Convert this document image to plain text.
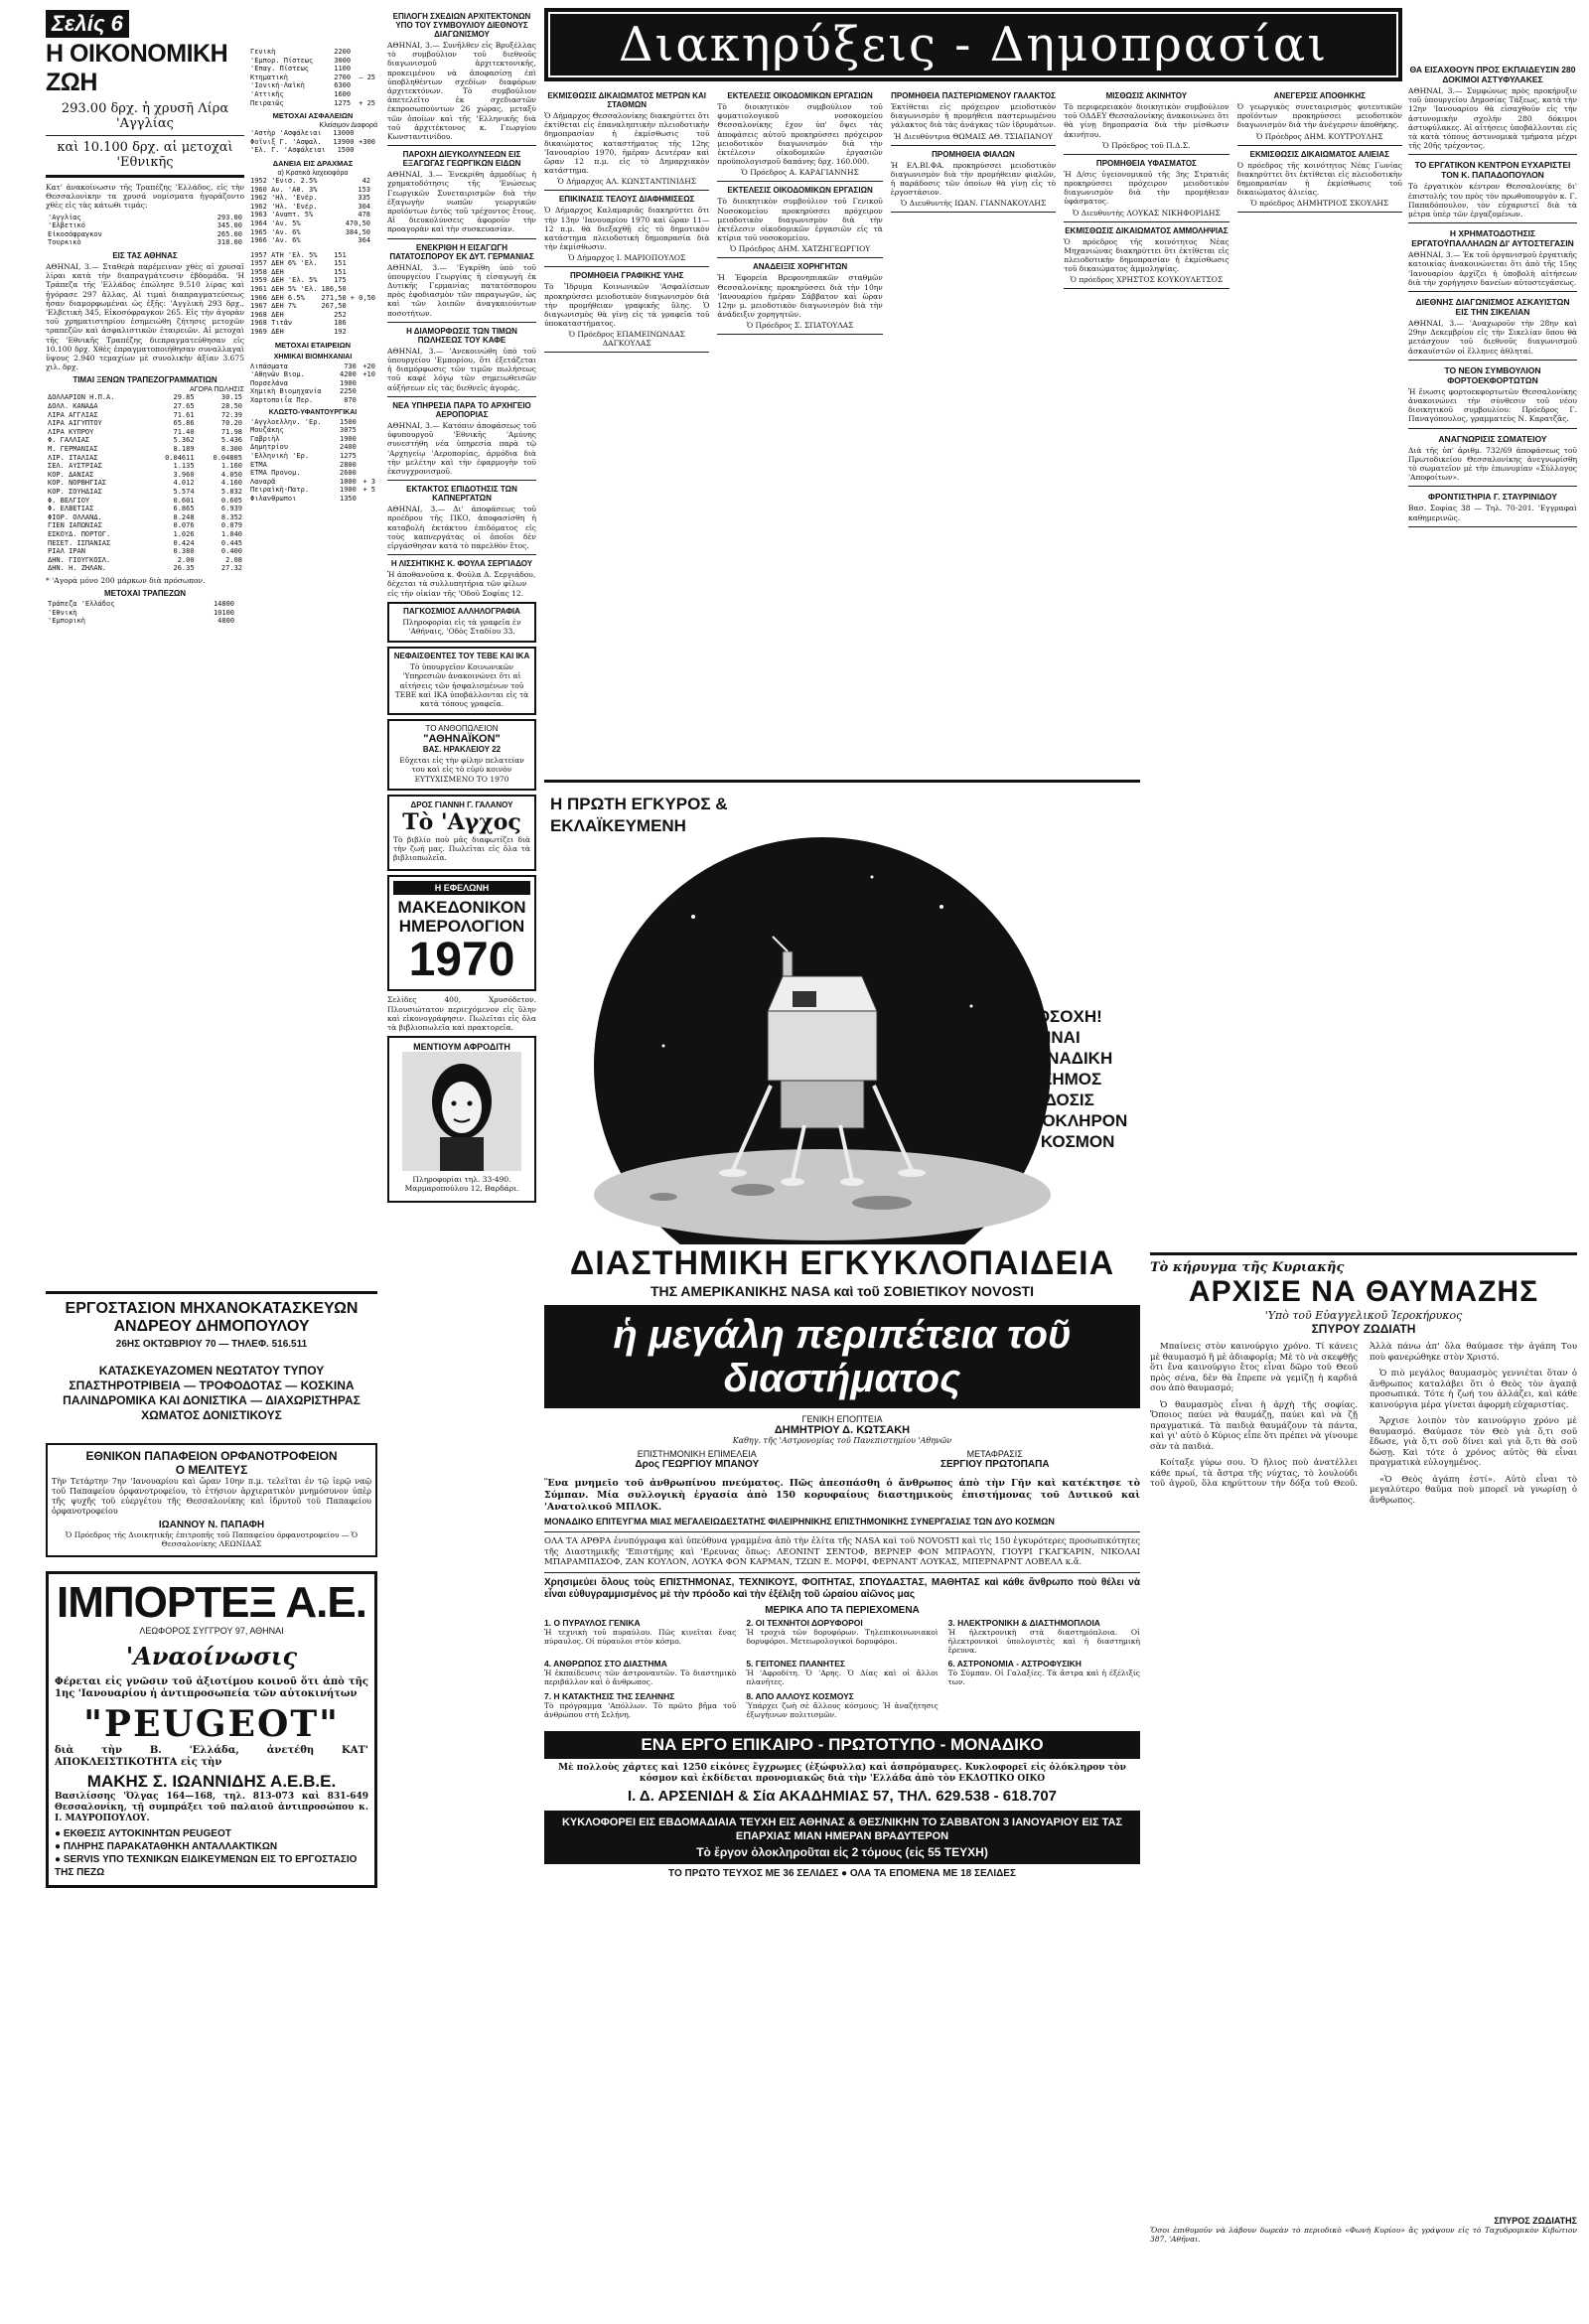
Σελίς 6
Η ΟΙΚΟΝΟΜΙΚΗ ΖΩΗ
293.00 δρχ. ἡ χρυσῆ Λίρα 'Αγγλίας
καὶ 10.100 δρχ. αἱ μετοχαὶ 'Εθνικῆς

Κατ' ἀνακοίνωσιν τῆς Τραπέζης 'Ελλάδος, εἰς τὴν Θεσσαλονίκην τα χρυσᾶ νομίσματα ἠγοράζοντο χθὲς εἰς τὰς κάτωθι τιμάς:

'Αγγλίας	293.00
'Ελβετικό	345.00
Εἰκοσόφραγκον	265.00
Τουρκικὸ	318.00
ΕΙΣ ΤΑΣ ΑΘΗΝΑΣ

ΑΘΗΝΑΙ, 3.— Σταθερὰ παρέμειναν χθὲς αἱ χρυσαῖ λίραι κατὰ τὴν διαπραγμάτευσιν ἑβδομάδα. 'Η Τράπεζα τῆς 'Ελλάδος ἐπώλησε 9.510 λίρας καὶ ἠγόρασε 297 ἄλλας. Αἱ τιμαὶ διαπραγματεύσεως ἦσαν διαμορφωμέναι ὡς ἑξῆς: 'Αγγλικὴ 293 δρχ., 'Ελβετικὴ 345, Εἰκοσόφραγκον 265. Εἰς τὴν ἀγορὰν τοῦ χρηματιστηρίου ἐσημειώθη ζήτησις μετοχῶν τραπεζῶν καὶ ἀσφαλιστικῶν ἑταιρειῶν. Αἱ μετοχαὶ τῆς 'Εθνικῆς Τραπέζης διεπραγματεύθησαν εἰς 10.100 δρχ. Χθὲς ἐπραγματοποιήθησαν συναλλαγαὶ ὕψους 2.940 τεμαχίων μὲ συνολικὴν ἀξίαν 3.675 χιλ. δρχ.

ΤΙΜΑΙ ΞΕΝΩΝ ΤΡΑΠΕΖΟΓΡΑΜΜΑΤΙΩΝ
ΑΓΟΡΑ ΠΩΛΗΣΙΣ
ΔΟΛΛΑΡΙΟΝ Η.Π.Α.	29.85	30.15
ΔΟΛΛ. ΚΑΝΑΔΑ	27.65	28.50
ΛΙΡΑ ΑΓΓΛΙΑΣ	71.61	72.39
ΛΙΡΑ ΑΙΓΥΠΤΟΥ	65.86	70.20
ΛΙΡΑ ΚΥΠΡΟΥ	71.40	71.98
Φ. ΓΑΛΛΙΑΣ	5.362	5.436
Μ. ΓΕΡΜΑΝΙΑΣ	8.189	8.300
ΛΙΡ. ΙΤΑΛΙΑΣ	0.04611	0.04805
ΣΕΛ. ΑΥΣΤΡΙΑΣ	1.135	1.160
ΚΟΡ. ΔΑΝΙΑΣ	3.960	4.050
ΚΟΡ. ΝΟΡΒΗΓΙΑΣ	4.012	4.160
ΚΟΡ. ΣΟΥΗΔΙΑΣ	5.574	5.832
Φ. ΒΕΛΓΙΟΥ	0.601	0.605
Φ. ΕΛΒΕΤΙΑΣ	6.865	6.939
ΦΙΟΡ. ΟΛΛΑΝΔ.	8.248	8.352
ΓΙΕΝ ΙΑΠΩΝΙΑΣ	0.076	0.079
ΕΣΚΟΥΔ. ΠΟΡΤΟΓ.	1.026	1.040
ΠΕΣΕΤ. ΙΣΠΑΝΙΑΣ	0.424	0.445
ΡΙΑΛ ΙΡΑΝ	0.380	0.400
ΔΗΝ. ΓΙΟΥΓΚΟΣΛ.	2.00	2.08
ΔΗΝ. Η. ΖΗΛΑΝ.	26.35	27.32

* 'Αγορὰ μόνο 200 μάρκων διὰ πρόσωπον.

ΜΕΤΟΧΑΙ ΤΡΑΠΕΖΩΝ
Τράπεζα 'Ελλάδος	14800	
'Εθνικὴ	10100	
'Εμπορικὴ	4800	
Γενικὴ	2200	
'Εμπορ. Πίστεως	3000	
'Επαγ. Πίστεως	1100	
Κτηματικὴ	2700	— 25
'Ιονική-Λαϊκὴ	6300	
'Αττικῆς	1600	
Πειραιῶς	1275	+ 25
ΜΕΤΟΧΑΙ ΑΣΦΑΛΕΙΩΝ
Κλείσιμον Διαφορά
'Αστὴρ 'Ασφάλειαι	13000	
Φοῖνιξ Γ. 'Ασφαλ.	13900	+300
'Ελ. Γ. 'Ασφάλειαι	1500	
ΔΑΝΕΙΑ ΕΙΣ ΔΡΑΧΜΑΣ
α) Κρατικὰ λαχειοφόρα
1952 'Ενισ. 2.5%	42	
1960 Αν. 'Αθ. 3%	153	
1962 'Ηλ. 'Ενέρ.	335	
1962 'Ηλ. 'Ενέρ.	304	
1963 'Αναπτ. 5%	478	
1964 'Αν. 5%	470,50	
1965 'Αν. 6%	384,50	
1966 'Αν. 6%	364	
1957 ΑΤΗ 'Ελ. 5%	151	
1957 ΔΕΗ 6% 'Ελ.	151	
1958 ΔΕΗ	151	
1959 ΔΕΗ 'Ελ. 5%	175	
1961 ΔΕΗ 5% 'Ελ.	186,50	
1966 ΔΕΗ 6.5%	271,50	+ 0,50
1967 ΔΕΗ 7%	267,50	
1968 ΔΕΗ	252	
1968 Τιτᾶν	186	
1969 ΔΕΗ	192	
ΜΕΤΟΧΑΙ ΕΤΑΙΡΕΙΩΝ
ΧΗΜΙΚΑΙ ΒΙΟΜΗΧΑΝΙΑΙ
Λιπάσματα	730	+20
'Αθηνῶν Βιομ.	4200	+10
Πορσελάνα	1900	
Χημικὴ Βιομηχανία	2250	
Χαρτοποιΐα Περ.	870	
ΚΛΩΣΤΟ-ΥΦΑΝΤΟΥΡΓΙΚΑΙ
'Αγγλοελλην. 'Ερ.	1500	
Μουζάκης	3075	
Γαβριὴλ	1900	
Δημητρίου	2400	
'Ελληνικὴ 'Ερ.	1275	
ΕΤΜΑ	2800	
ΕΤΜΑ Προνομ.	2600	
Λαναρᾶ	1000	+ 3
Πειραϊκὴ-Πατρ.	1900	+ 5
Φιλανθρωποι	1350	
ΕΡΓΟΣΤΑΣΙΟΝ ΜΗΧΑΝΟΚΑΤΑΣΚΕΥΩΝ
ΑΝΔΡΕΟΥ ΔΗΜΟΠΟΥΛΟΥ
26ΗΣ ΟΚΤΩΒΡΙΟΥ 70 — ΤΗΛΕΦ. 516.511
ΚΑΤΑΣΚΕΥΑΖΟΜΕΝ ΝΕΩΤΑΤΟΥ ΤΥΠΟΥ ΣΠΑΣΤΗΡΟΤΡΙΒΕΙΑ — ΤΡΟΦΟΔΟΤΑΣ — ΚΟΣΚΙΝΑ ΠΑΛΙΝΔΡΟΜΙΚΑ ΚΑΙ ΔΟΝΙΣΤΙΚΑ — ΔΙΑΧΩΡΙΣΤΗΡΑΣ ΧΩΜΑΤΟΣ ΔΟΝΙΣΤΙΚΟΥΣ
ΕΘΝΙΚΟΝ ΠΑΠΑΦΕΙΟΝ ΟΡΦΑΝΟΤΡΟΦΕΙΟΝ
Ο ΜΕΛΙΤΕΥΣ

Τὴν Τετάρτην 7ην 'Ιανουαρίου καὶ ὥραν 10ην π.μ. τελεῖται ἐν τῷ ἱερῷ ναῷ τοῦ Παπαφείου ὀρφανοτροφείου, τὸ ἐτήσιον ἀρχιερατικὸν μνημόσυνον ὑπὲρ τῆς ψυχῆς τοῦ εὐεργέτου τῆς Θεσσαλονίκης καὶ ἱδρυτοῦ τοῦ Παπαφείου ὀρφανοτροφείου

ΙΩΑΝΝΟΥ Ν. ΠΑΠΑΦΗ

Ὁ Πρόεδρος τῆς Διοικητικῆς ἐπιτροπῆς τοῦ Παπαφείου ὀρφανοτροφείου — Ὁ Θεσσαλονίκης ΛΕΩΝΙΔΑΣ

ΙΜΠΟΡΤΕΞ Α.Ε.
ΛΕΩΦΟΡΟΣ ΣΥΓΓΡΟΥ 97, ΑΘΗΝΑΙ
'Αναοίνωσις

Φέρεται εἰς γνῶσιν τοῦ ἀξιοτίμου κοινοῦ ὅτι ἀπὸ τῆς 1ης 'Ιανουαρίου ἡ ἀντιπροσωπεία τῶν αὐτοκινήτων

"PEUGEOT"

διὰ τὴν Β. 'Ελλάδα, ἀνετέθη ΚΑΤ' ΑΠΟΚΛΕΙΣΤΙΚΟΤΗΤΑ εἰς τὴν

ΜΑΚΗΣ Σ. ΙΩΑΝΝΙΔΗΣ Α.Ε.Β.Ε.

Βασιλίσσης 'Όλγας 164—168, τηλ. 813-073 καὶ 831-649 Θεσσαλονίκη, τῇ συμπράξει τοῦ παλαιοῦ ἀντιπροσώπου κ. Ι. ΜΑΥΡΟΠΟΥΛΟΥ.

● ΕΚΘΕΣΙΣ ΑΥΤΟΚΙΝΗΤΩΝ PEUGEOT
● ΠΛΗΡΗΣ ΠΑΡΑΚΑΤΑΘΗΚΗ ΑΝΤΑΛΛΑΚΤΙΚΩΝ
● SERVIS ΥΠΟ ΤΕΧΝΙΚΩΝ ΕΙΔΙΚΕΥΜΕΝΩΝ ΕΙΣ ΤΟ ΕΡΓΟΣΤΑΣΙΟ ΤΗΣ ΠΕΖΩ
ΕΠΙΛΟΓΗ ΣΧΕΔΙΩΝ ΑΡΧΙΤΕΚΤΟΝΩΝ ΥΠΟ ΤΟΥ ΣΥΜΒΟΥΛΙΟΥ ΔΙΕΘΝΟΥΣ ΔΙΑΓΩΝΙΣΜΟΥ

ΑΘΗΝΑΙ, 3.— Συνῆλθεν εἰς Βρυξέλλας τὸ συμβούλιον τοῦ διεθνοῦς διαγωνισμοῦ ἀρχιτεκτονικῆς, προκειμένου νὰ ἀποφασίσῃ ἐπὶ ὑποβληθέντων σχεδίων διαφόρων ἀρχιτεκτόνων. Τὸ συμβούλιον ἀπετελεῖτο ἐκ σχεδιαστῶν ἐκπροσωπούντων 26 χώρας, μεταξὺ τῶν ὁποίων καὶ τῆς 'Ελληνικῆς διὰ τοῦ ἀρχιτέκτονος κ. Γεωργίου Κωνσταντινίδου.

ΠΑΡΟΧΗ ΔΙΕΥΚΟΛΥΝΣΕΩΝ ΕΙΣ ΕΞΑΓΩΓΑΣ ΓΕΩΡΓΙΚΩΝ ΕΙΔΩΝ

ΑΘΗΝΑΙ, 3.— Ἐνεκρίθη ἀρμοδίως ἡ χρηματοδότησις τῆς 'Ενώσεως Γεωργικῶν Συνεταιρισμῶν διὰ τὴν ἐξαγωγὴν νωπῶν γεωργικῶν προϊόντων ἐντὸς τοῦ τρέχοντος ἔτους. Αἱ διευκολύνσεις ἀφοροῦν τὴν προαγορὰν καὶ τὴν συσκευασίαν.

ΕΝΕΚΡΙΘΗ Η ΕΙΣΑΓΩΓΗ ΠΑΤΑΤΟΣΠΟΡΟΥ ΕΚ ΔΥΤ. ΓΕΡΜΑΝΙΑΣ

ΑΘΗΝΑΙ, 3.— 'Εγκρίθη ὑπὸ τοῦ ὑπουργείου Γεωργίας ἡ εἰσαγωγὴ ἐκ Δυτικῆς Γερμανίας πατατόσπορου πρὸς ἐφοδιασμὸν τῶν παραγωγῶν, ὡς καὶ τῶν λοιπῶν ἀναγκαιούντων ποσοτήτων.

Η ΔΙΑΜΟΡΦΩΣΙΣ ΤΩΝ ΤΙΜΩΝ ΠΩΛΗΣΕΩΣ ΤΟΥ ΚΑΦΕ

ΑΘΗΝΑΙ, 3.— 'Ανεκοινώθη ὑπὸ τοῦ ὑπουργείου 'Εμπορίου, ὅτι ἐξετάζεται ἡ διαμόρφωσις τῶν τιμῶν πωλήσεως τοῦ καφὲ λόγῳ τῶν σημειωθεισῶν αὐξήσεων εἰς τὰς διεθνεῖς ἀγοράς.

ΝΕΑ ΥΠΗΡΕΣΙΑ ΠΑΡΑ ΤΟ ΑΡΧΗΓΕΙΟ ΑΕΡΟΠΟΡΙΑΣ

ΑΘΗΝΑΙ, 3.— Κατόπιν ἀποφάσεως τοῦ ὑφυπουργοῦ 'Εθνικῆς 'Αμύνης συνεστήθη νέα ὑπηρεσία παρὰ τῷ 'Αρχηγείῳ 'Αεροπορίας, ἀρμόδια διὰ τὴν μελέτην καὶ τὴν ἐφαρμογὴν τοῦ ἐκσυγχρονισμοῦ.

ΕΚΤΑΚΤΟΣ ΕΠΙΔΟΤΗΣΙΣ ΤΩΝ ΚΑΠΝΕΡΓΑΤΩΝ

ΑΘΗΝΑΙ, 3.— Δι' ἀποφάσεως τοῦ προέδρου τῆς ΠΚΟ, ἀποφασίσθη ἡ καταβολὴ ἐκτάκτου ἐπιδόματος εἰς τοὺς καπνεργάτας οἱ ὁποῖοι δὲν εἰργάσθησαν κατὰ τὸ παρελθὸν ἔτος.

Η ΛΙΣΣΗΤΙΚΗΣ Κ. ΦΟΥΛΑ ΣΕΡΓΙΑΔΟΥ

Ἡ ἀποθανοῦσα κ. Φούλα Δ. Σεργιάδου, δέχεται τὰ συλλυπητήρια τῶν φίλων εἰς τὴν οἰκίαν τῆς 'Οδοῦ Σοφίας 12.

ΠΑΓΚΟΣΜΙΟΣ ΑΛΛΗΛΟΓΡΑΦΙΑ

Πληροφορίαι εἰς τὰ γραφεῖα ἐν 'Αθήναις, 'Οδὸς Σταδίου 33.

ΝΕΦΑΙΣΘΕΝΤΕΣ ΤΟΥ ΤΕΒΕ ΚΑΙ ΙΚΑ

Τὸ ὑπουργεῖον Κοινωνικῶν 'Υπηρεσιῶν ἀνακοινώνει ὅτι αἱ αἰτήσεις τῶν ἠσφαλισμένων τοῦ ΤΕΒΕ καὶ ΙΚΑ ὑποβάλλονται εἰς τὰ κατὰ τόπους γραφεῖα.

ΤΟ ΑΝΘΟΠΩΛΕΙΟΝ
"ΑΘΗΝΑΪΚΟΝ"
ΒΑΣ. ΗΡΑΚΛΕΙΟΥ 22

Εὔχεται εἰς τὴν φίλην πελατείαν του καὶ εἰς τὸ εὐρὺ κοινὸν ΕΥΤΥΧΙΣΜΕΝΟ ΤΟ 1970

ΔΡΟΣ ΓΙΑΝΝΗ Γ. ΓΑΛΑΝΟΥ
Τὸ 'Αγχος

Τὸ βιβλίο ποὺ μᾶς διαφωτίζει διὰ τὴν ζωή μας. Πωλεῖται εἰς ὅλα τὰ βιβλιοπωλεῖα.

Η ΕΦΕΛΩΝΗ
ΜΑΚΕΔΟΝΙΚΟΝ ΗΜΕΡΟΛΟΓΙΟΝ
1970

Σελίδες 400, Χρυσόδετον. Πλουσιώτατον περιεχόμενον εἰς ὕλην καὶ εἰκονογράφησιν. Πωλεῖται εἰς ὅλα τὰ βιβλιοπωλεῖα καὶ πρακτορεῖα.

ΜΕΝΤΙΟΥΜ ΑΦΡΟΔΙΤΗ

Πληροφορίαι τηλ. 33-490. Μαρμαροπούλου 12, Βαρδάρι.

Διακηρύξεις - Δημοπρασίαι
ΕΚΜΙΣΘΩΣΙΣ ΔΙΚΑΙΩΜΑΤΟΣ ΜΕΤΡΩΝ ΚΑΙ ΣΤΑΘΜΩΝ

Ὁ Δήμαρχος Θεσσαλονίκης διακηρύττει ὅτι ἐκτίθεται εἰς ἐπαναληπτικὴν πλειοδοτικὴν δημοπρασίαν ἡ ἐκμίσθωσις τοῦ δικαιώματος καταστήματος τῆς 12ης 'Ιανουαρίου 1970, ἡμέραν Δευτέραν καὶ ὥραν 12 π.μ. εἰς τὸ Δημαρχιακὸν κατάστημα.

Ὁ Δήμαρχος ΑΛ. ΚΩΝΣΤΑΝΤΙΝΙΔΗΣ
ΕΠΙΚΙΝΑΣΙΣ ΤΕΛΟΥΣ ΔΙΑΦΗΜΙΣΕΩΣ

Ὁ Δήμαρχος Καλαμαριᾶς διακηρύττει ὅτι τὴν 13ην 'Ιανουαρίου 1970 καὶ ὥραν 11—12 π.μ. θὰ διεξαχθῇ εἰς τὸ δημοτικὸν κατάστημα πλειοδοτικὴ δημοπρασία διὰ τὴν ἐκμίσθωσιν.

Ὁ Δήμαρχος Ι. ΜΑΡΙΟΠΟΥΛΟΣ
ΠΡΟΜΗΘΕΙΑ ΓΡΑΦΙΚΗΣ ΥΛΗΣ

Τὸ Ἴδρυμα Κοινωνικῶν 'Ασφαλίσεων προκηρύσσει μειοδοτικὸν διαγωνισμὸν διὰ τὴν προμήθειαν γραφικῆς ὕλης. Ὁ διαγωνισμὸς θὰ γίνῃ εἰς τὰ γραφεῖα τοῦ ὑποκαταστήματος.

Ὁ Πρόεδρος ΕΠΑΜΕΙΝΩΝΔΑΣ ΔΑΓΚΟΥΛΑΣ
ΕΚΤΕΛΕΣΙΣ ΟΙΚΟΔΟΜΙΚΩΝ ΕΡΓΑΣΙΩΝ

Τὸ διοικητικὸν συμβούλιον τοῦ φυματιολογικοῦ νοσοκομείου Θεσσαλονίκης ἔχον ὑπ' ὄψει τὰς ἀποφάσεις αὐτοῦ προκηρύσσει πρόχειρον μειοδοτικὸν διαγωνισμὸν διὰ τὴν ἐκτέλεσιν οἰκοδομικῶν ἐργασιῶν προϋπολογισμοῦ δαπάνης δρχ. 160.000.

Ὁ Πρόεδρος Α. ΚΑΡΑΓΙΑΝΝΗΣ
ΕΚΤΕΛΕΣΙΣ ΟΙΚΟΔΟΜΙΚΩΝ ΕΡΓΑΣΙΩΝ

Τὸ διοικητικὸν συμβούλιον τοῦ Γενικοῦ Νοσοκομείου προκηρύσσει πρόχειρον μειοδοτικὸν διαγωνισμὸν διὰ τὴν ἐκτέλεσιν οἰκοδομικῶν ἐργασιῶν εἰς τὰ κτίρια τοῦ νοσοκομείου.

Ὁ Πρόεδρος ΔΗΜ. ΧΑΤΖΗΓΕΩΡΓΙΟΥ
ΑΝΑΔΕΙΞΙΣ ΧΟΡΗΓΗΤΩΝ

Ἡ Ἐφορεία Βρεφονηπιακῶν σταθμῶν Θεσσαλονίκης προκηρύσσει διὰ τὴν 10ην 'Ιανουαρίου ἡμέραν Σάββατον καὶ ὥραν 12ην μ. μειοδοτικὸν διαγωνισμὸν διὰ τὴν ἀνάδειξιν χορηγητῶν.

Ὁ Πρόεδρος Σ. ΣΠΑΤΟΥΛΑΣ
ΠΡΟΜΗΘΕΙΑ ΠΑΣΤΕΡΙΩΜΕΝΟΥ ΓΑΛΑΚΤΟΣ

Ἐκτίθεται εἰς πρόχειρον μειοδοτικὸν διαγωνισμὸν ἡ προμήθεια παστεριωμένου γάλακτος διὰ τὰς ἀνάγκας τῶν ἱδρυμάτων.

Ἡ Διευθύντρια ΘΩΜΑΙΣ ΑΘ. ΤΣΙΑΠΑΝΟΥ
ΠΡΟΜΗΘΕΙΑ ΦΙΑΛΩΝ

Ἡ ΕΛ.ΒΙ.ΦΑ. προκηρύσσει μειοδοτικὸν διαγωνισμὸν διὰ τὴν προμήθειαν φιαλῶν, ἡ παράδοσις τῶν ὁποίων θὰ γίνῃ εἰς τὸ ἐργοστάσιον.

Ὁ Διευθυντὴς ΙΩΑΝ. ΓΙΑΝΝΑΚΟΥΛΗΣ
ΜΙΣΘΩΣΙΣ ΑΚΙΝΗΤΟΥ

Τὸ περιφερειακὸν διοικητικὸν συμβούλιον τοῦ ΟΔΔΕΥ Θεσσαλονίκης ἀνακοινώνει ὅτι θὰ γίνῃ δημοπρασία διὰ τὴν μίσθωσιν ἀκινήτου.

Ὁ Πρόεδρος τοῦ Π.Δ.Σ.
ΠΡΟΜΗΘΕΙΑ ΥΦΑΣΜΑΤΟΣ

Ἡ Δ/σις ὑγειονομικοῦ τῆς 3ης Στρατιᾶς προκηρύσσει πρόχειρον μειοδοτικὸν διαγωνισμὸν διὰ τὴν προμήθειαν ὑφάσματος.

Ὁ Διευθυντὴς ΛΟΥΚΑΣ ΝΙΚΗΦΟΡΙΔΗΣ
ΕΚΜΙΣΘΩΣΙΣ ΔΙΚΑΙΩΜΑΤΟΣ ΑΜΜΟΛΗΨΙΑΣ

Ὁ πρόεδρος τῆς κοινότητος Νέας Μηχανιώνας διακηρύττει ὅτι ἐκτίθεται εἰς πλειοδοτικὴν δημοπρασίαν ἡ ἐκμίσθωσις τοῦ δικαιώματος ἀμμοληψίας.

Ὁ πρόεδρος ΧΡΗΣΤΟΣ ΚΟΥΚΟΥΛΕΤΣΟΣ
ΑΝΕΓΕΡΣΙΣ ΑΠΟΘΗΚΗΣ

Ὁ γεωργικὸς συνεταιρισμὸς φυτευτικῶν προϊόντων προκηρύσσει μειοδοτικὸν διαγωνισμὸν διὰ τὴν ἀνέγερσιν ἀποθήκης.

Ὁ Πρόεδρος ΔΗΜ. ΚΟΥΤΡΟΥΛΗΣ
ΕΚΜΙΣΘΩΣΙΣ ΔΙΚΑΙΩΜΑΤΟΣ ΑΛΙΕΙΑΣ

Ὁ πρόεδρος τῆς κοινότητος Νέας Γωνίας διακηρύττει ὅτι ἐκτίθεται εἰς πλειοδοτικὴν δημοπρασίαν ἡ ἐκμίσθωσις τοῦ δικαιώματος ἁλιείας.

Ὁ πρόεδρος ΔΗΜΗΤΡΙΟΣ ΣΚΟΥΛΗΣ
Η ΠΡΩΤΗ ΕΓΚΥΡΟΣ & ΕΚΛΑΪΚΕΥΜΕΝΗ
ΠΡΟΣΟΧΗ!
ΕΙΝΑΙ
Η ΜΟΝΑΔΙΚΗ
ΕΠΙΣΗΜΟΣ
ΕΚΔΟΣΙΣ
ΕΙΣ ΟΛΟΚΛΗΡΟΝ
ΤΟΝ ΚΟΣΜΟΝ
ΔΙΑΣΤΗΜΙΚΗ ΕΓΚΥΚΛΟΠΑΙΔΕΙΑ
ΤΗΣ ΑΜΕΡΙΚΑΝΙΚΗΣ NASA καὶ τοῦ ΣΟΒΙΕΤΙΚΟΥ NOVOSTI
ἡ μεγάλη περιπέτεια τοῦ διαστήματος
ΓΕΝΙΚΗ ΕΠΟΠΤΕΙΑ
ΔΗΜΗΤΡΙΟΥ Δ. ΚΩΤΣΑΚΗ
Καθηγ. τῆς 'Αστρονομίας τοῦ Πανεπιστημίου 'Αθηνῶν
ΕΠΙΣΤΗΜΟΝΙΚΗ ΕΠΙΜΕΛΕΙΑ
Δρος ΓΕΩΡΓΙΟΥ ΜΠΑΝΟΥ
ΜΕΤΑΦΡΑΣΙΣ
ΣΕΡΓΙΟΥ ΠΡΩΤΟΠΑΠΑ

Ἕνα μνημεῖο τοῦ ἀνθρωπίνου πνεύματος. Πῶς ἀπεσπάσθη ὁ ἄνθρωπος ἀπὸ τὴν Γῆν καὶ κατέκτησε τὸ Σύμπαν. Μία συλλογικὴ ἐργασία ἀπὸ 150 κορυφαίους διαστημικοὺς ἐπιστήμονας τοῦ Δυτικοῦ καὶ 'Ανατολικοῦ ΜΠΛΟΚ.

ΜΟΝΑΔΙΚΟ ΕΠΙΤΕΥΓΜΑ ΜΙΑΣ ΜΕΓΑΛΕΙΩΔΕΣΤΑΤΗΣ ΦΙΛΕΙΡΗΝΙΚΗΣ ΕΠΙΣΤΗΜΟΝΙΚΗΣ ΣΥΝΕΡΓΑΣΙΑΣ ΤΩΝ ΔΥΟ ΚΟΣΜΩΝ

ΟΛΑ ΤΑ ΑΡΘΡΑ ἐνυπόγραφα καὶ ὑπεύθυνα γραμμένα ἀπὸ τὴν ἐλίτα τῆς NASA καὶ τοῦ NOVOSTI καὶ τὶς 150 ἐγκυρότερες προσωπικότητες τῆς Διαστημικῆς 'Επιστήμης καὶ 'Ερευνας ὅπως: ΛΕΟΝΙΝΤ ΣΕΝΤΟΦ, ΒΕΡΝΕΡ ΦΟΝ ΜΠΡΑΟΥΝ, ΓΙΟΥΡΙ ΓΚΑΓΚΑΡΙΝ, ΝΙΚΟΛΑΙ ΜΠΑΡΑΜΠΑΣΟΦ, ΖΑΝ ΚΟΥΛΟΝ, ΛΟΥΚΑ ΦΟΝ ΚΑΡΜΑΝ, ΤΖΩΝ Ε. ΜΟΡΦΙ, ΦΕΡΝΑΝΤ ΛΟΥΚΑΣ, ΜΠΕΡΝΑΡΝΤ ΛΟΒΕΛΛ κ.ἄ.

Χρησιμεύει ὅλους τοὺς ΕΠΙΣΤΗΜΟΝΑΣ, ΤΕΧΝΙΚΟΥΣ, ΦΟΙΤΗΤΑΣ, ΣΠΟΥΔΑΣΤΑΣ, ΜΑΘΗΤΑΣ καὶ κάθε ἄνθρωπο ποὺ θέλει νὰ εἶναι εὐθυγραμμισμένος μὲ τὴν πρόοδο καὶ τὴν ἐξέλιξη τοῦ ὡραίου αἰῶνος μας

ΜΕΡΙΚΑ ΑΠΟ ΤΑ ΠΕΡΙΕΧΟΜΕΝΑ
1. Ο ΠΥΡΑΥΛΟΣ ΓΕΝΙΚΑ

Ἡ τεχνικὴ τοῦ πυραύλου. Πῶς κινεῖται ἕνας πύραυλος. Οἱ πύραυλοι στὸν κόσμο.

2. ΟΙ ΤΕΧΝΗΤΟΙ ΔΟΡΥΦΟΡΟΙ

Ἡ τροχιὰ τῶν δορυφόρων. Τηλεπικοινωνιακοὶ δορυφόροι. Μετεωρολογικοὶ δορυφόροι.

3. ΗΛΕΚΤΡΟΝΙΚΗ & ΔΙΑΣΤΗΜΟΠΛΟΙΑ

Ἡ ἠλεκτρονικὴ στὰ διαστημόπλοια. Οἱ ἠλεκτρονικοὶ ὑπολογιστὲς καὶ ἡ διαστημικὴ ἔρευνα.

4. ΑΝΘΡΩΠΟΣ ΣΤΟ ΔΙΑΣΤΗΜΑ

Ἡ ἐκπαίδευσις τῶν ἀστροναυτῶν. Τὸ διαστημικὸ περιβάλλον καὶ ὁ ἄνθρωπος.

5. ΓΕΙΤΟΝΕΣ ΠΛΑΝΗΤΕΣ

Ἡ 'Αφροδίτη. Ὁ 'Αρης. Ὁ Δίας καὶ οἱ ἄλλοι πλανῆτες.

6. ΑΣΤΡΟΝΟΜΙΑ - ΑΣΤΡΟΦΥΣΙΚΗ

Τὸ Σύμπαν. Οἱ Γαλαξίες. Τὰ ἄστρα καὶ ἡ ἐξέλιξίς των.

7. Η ΚΑΤΑΚΤΗΣΙΣ ΤΗΣ ΣΕΛΗΝΗΣ

Τὸ πρόγραμμα 'Απόλλων. Τὸ πρῶτο βῆμα τοῦ ἀνθρώπου στὴ Σελήνη.

8. ΑΠΟ ΑΛΛΟΥΣ ΚΟΣΜΟΥΣ

Ὑπάρχει ζωὴ σὲ ἄλλους κόσμους; Ἡ ἀναζήτησις ἐξωγήινων πολιτισμῶν.

ΕΝΑ ΕΡΓΟ ΕΠΙΚΑΙΡΟ - ΠΡΩΤΟΤΥΠΟ - ΜΟΝΑΔΙΚΟ

Μὲ πολλοὺς χάρτες καὶ 1250 εἰκόνες ἔγχρωμες (ἐξώφυλλα) καὶ ἀσπρόμαυρες. Κυκλοφορεῖ εἰς ὁλόκληρον τὸν κόσμον καὶ ἐκδίδεται προνομιακῶς διὰ τὴν 'Ελλάδα ἀπὸ τὸν ΕΚΔΟΤΙΚΟ ΟΙΚΟ

Ι. Δ. ΑΡΣΕΝΙΔΗ & Σία ΑΚΑΔΗΜΙΑΣ 57, ΤΗΛ. 629.538 - 618.707
ΚΥΚΛΟΦΟΡΕΙ ΕΙΣ ΕΒΔΟΜΑΔΙΑΙΑ ΤΕΥΧΗ ΕΙΣ ΑΘΗΝΑΣ & ΘΕΣ/ΝΙΚΗΝ ΤΟ ΣΑΒΒΑΤΟΝ 3 ΙΑΝΟΥΑΡΙΟΥ ΕΙΣ ΤΑΣ ΕΠΑΡΧΙΑΣ ΜΙΑΝ ΗΜΕΡΑΝ ΒΡΑΔΥΤΕΡΟΝ
Τὸ ἔργον ὁλοκληροῦται εἰς 2 τόμους (εἰς 55 ΤΕΥΧΗ)
ΤΟ ΠΡΩΤΟ ΤΕΥΧΟΣ ΜΕ 36 ΣΕΛΙΔΕΣ ● ΟΛΑ ΤΑ ΕΠΟΜΕΝΑ ΜΕ 18 ΣΕΛΙΔΕΣ
ΘΑ ΕΙΣΑΧΘΟΥΝ ΠΡΟΣ ΕΚΠΑΙΔΕΥΣΙΝ 280 ΔΟΚΙΜΟΙ ΑΣΤΥΦΥΛΑΚΕΣ

ΑΘΗΝΑΙ, 3.— Συμφώνως πρὸς προκήρυξιν τοῦ ὑπουργείου Δημοσίας Τάξεως, κατὰ τὴν 12ην 'Ιανουαρίου θὰ εἰσαχθοῦν εἰς τὴν ἀστυνομικὴν σχολὴν 280 δόκιμοι ἀστυφύλακες. Αἱ αἰτήσεις ὑποβάλλονται εἰς τὰ κατὰ τόπους ἀστυνομικὰ τμήματα μέχρι τῆς 20ῆς τρέχοντος.

ΤΟ ΕΡΓΑΤΙΚΟΝ ΚΕΝΤΡΟΝ ΕΥΧΑΡΙΣΤΕΙ ΤΟΝ Κ. ΠΑΠΑΔΟΠΟΥΛΟΝ

Τὸ ἐργατικὸν κέντρον Θεσσαλονίκης δι' ἐπιστολῆς του πρὸς τὸν πρωθυπουργὸν κ. Γ. Παπαδόπουλον, τὸν εὐχαριστεῖ διὰ τὰ μέτρα ὑπὲρ τῶν ἐργαζομένων.

Η ΧΡΗΜΑΤΟΔΟΤΗΣΙΣ ΕΡΓΑΤΟΫΠΑΛΛΗΛΩΝ ΔΙ' ΑΥΤΟΣΤΕΓΑΣΙΝ

ΑΘΗΝΑΙ, 3.— Ἐκ τοῦ ὀργανισμοῦ ἐργατικῆς κατοικίας ἀνακοινώνεται ὅτι ἀπὸ τῆς 15ης 'Ιανουαρίου ἀρχίζει ἡ ὑποβολὴ αἰτήσεων διὰ τὴν χορήγησιν δανείων αὐτοστεγάσεως.

ΔΙΕΘΝΗΣ ΔΙΑΓΩΝΙΣΜΟΣ ΑΣΚΑΥΙΣΤΩΝ ΕΙΣ ΤΗΝ ΣΙΚΕΛΙΑΝ

ΑΘΗΝΑΙ, 3.— 'Αναχωροῦν τὴν 28ην καὶ 29ην Δεκεμβρίου εἰς τὴν Σικελίαν ὅπου θὰ μετάσχουν τοῦ διεθνοῦς διαγωνισμοῦ ἀσκαυϊστῶν οἱ ἕλληνες ἀθληταί.

ΤΟ ΝΕΟΝ ΣΥΜΒΟΥΛΙΟΝ ΦΟΡΤΟΕΚΦΟΡΤΩΤΩΝ

Ἡ ἕνωσις φορτοεκφορτωτῶν Θεσσαλονίκης ἀνακοινώνει τὴν σύνθεσιν τοῦ νέου διοικητικοῦ συμβουλίου: Πρόεδρος Γ. Παναγόπουλος, γραμματεὺς Ν. Καρατζᾶς.

ΑΝΑΓΝΩΡΙΣΙΣ ΣΩΜΑΤΕΙΟΥ

Διὰ τῆς ὑπ' ἀριθμ. 732/69 ἀποφάσεως τοῦ Πρωτοδικείου Θεσσαλονίκης ἀνεγνωρίσθη τὸ σωματεῖον μὲ τὴν ἐπωνυμίαν «Σύλλογος 'Αποφοίτων».

ΦΡΟΝΤΙΣΤΗΡΙΑ Γ. ΣΤΑΥΡΙΝΙΔΟΥ

Βασ. Σοφίας 38 — Τηλ. 70-201. 'Εγγραφαὶ καθημερινῶς.

Τὸ κήρυγμα τῆς Κυριακῆς
ΑΡΧΙΣΕ ΝΑ ΘΑΥΜΑΖΗΣ
'Υπὸ τοῦ Εὐαγγελικοῦ Ἱεροκήρυκος
ΣΠΥΡΟΥ ΖΩΔΙΑΤΗ

Μπαίνεις στὸν καινούργιο χρόνο. Τί κάνεις μὲ θαυμασμό ἢ μὲ ἀδιαφορία; Μὲ τὸ νὰ σκεφθῇς ὅτι ἕνα καινούργιο ἔτος εἶναι δῶρο τοῦ Θεοῦ πρὸς σένα, δὲν θὰ ἔπρεπε νὰ γεμίζῃ ἡ καρδιά σου ἀπὸ θαυμασμό;

Ὁ θαυμασμὸς εἶναι ἡ ἀρχὴ τῆς σοφίας. Ὅποιος παύει νὰ θαυμάζῃ, παύει καὶ νὰ ζῇ πραγματικά. Τὰ παιδιὰ θαυμάζουν τὰ πάντα, καὶ γι' αὐτὸ ὁ Κύριος εἶπε ὅτι πρέπει νὰ γίνουμε σὰν τὰ παιδιά.

Κοίταξε γύρω σου. Ὁ ἥλιος ποὺ ἀνατέλλει κάθε πρωί, τὰ ἄστρα τῆς νύχτας, τὸ λουλούδι τοῦ ἀγροῦ, ὅλα κηρύττουν τὴν δόξα τοῦ Θεοῦ. Ἀλλὰ πάνω ἀπ' ὅλα θαύμασε τὴν ἀγάπη Του ποὺ φανερώθηκε στὸν Χριστό.

Ὁ πιὸ μεγάλος θαυμασμὸς γεννιέται ὅταν ὁ ἄνθρωπος καταλάβει ὅτι ὁ Θεὸς τὸν ἀγαπᾷ προσωπικά. Τότε ἡ ζωή του ἀλλάζει, καὶ κάθε καινούργια μέρα γίνεται ἀφορμὴ εὐχαριστίας.

Ἄρχισε λοιπὸν τὸν καινούργιο χρόνο μὲ θαυμασμό. Θαύμασε τὸν Θεὸ γιὰ ὅ,τι σοῦ ἔδωσε, γιὰ ὅ,τι σοῦ δίνει καὶ γιὰ ὅ,τι θὰ σοῦ δώσῃ. Καὶ τότε ὁ χρόνος αὐτὸς θὰ εἶναι πραγματικὰ εὐλογημένος.

«Ὁ Θεὸς ἀγάπη ἐστί». Αὐτὸ εἶναι τὸ μεγαλύτερο θαῦμα ποὺ μπορεῖ νὰ γνωρίσῃ ὁ ἄνθρωπος.

ΣΠΥΡΟΣ ΖΩΔΙΑΤΗΣ

Ὅσοι ἐπιθυμοῦν νὰ λάβουν δωρεὰν τὸ περιοδικὸ «Φωνὴ Κυρίου» ἂς γράψουν εἰς τὸ Ταχυδρομικὸν Κιβώτιον 387, 'Αθῆναι.
